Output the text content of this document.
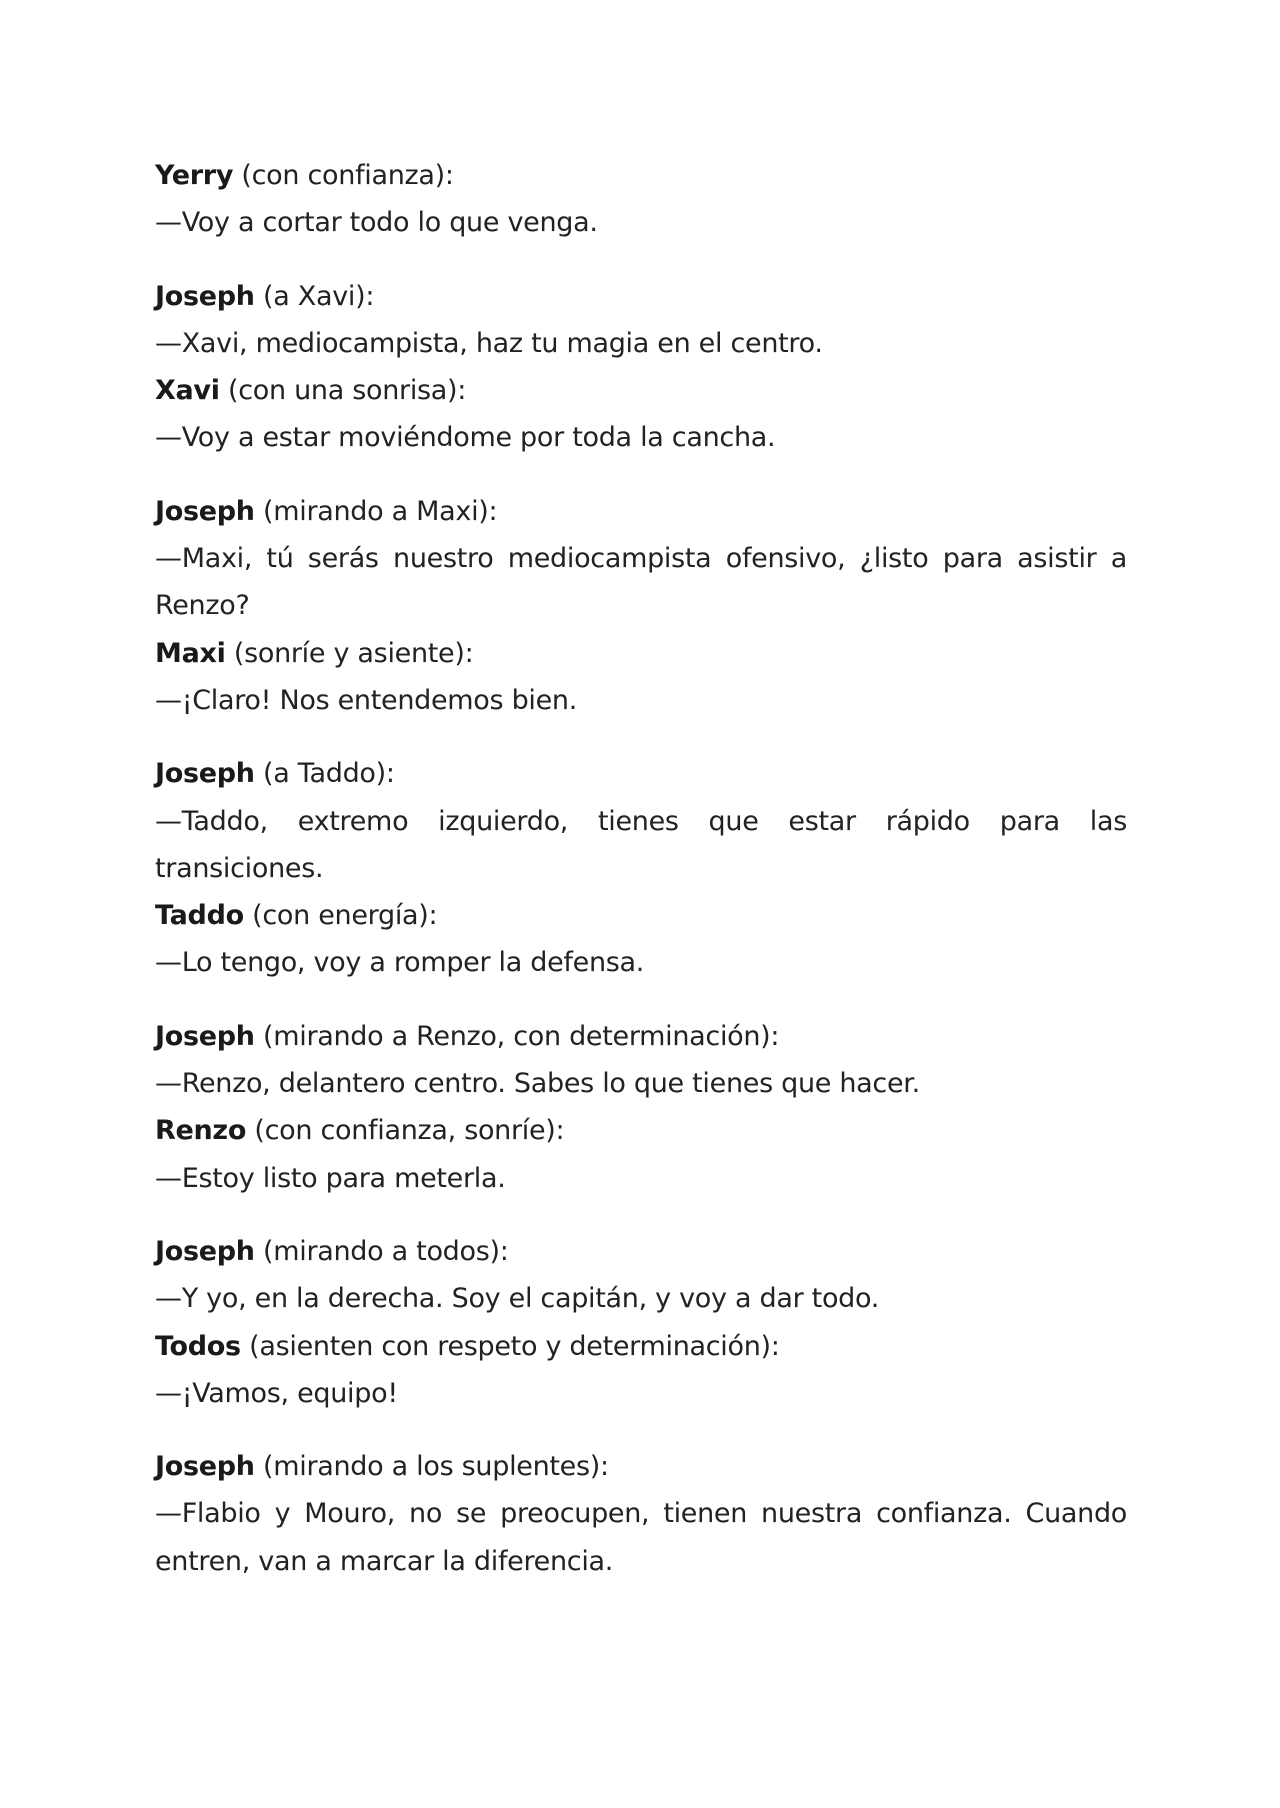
Yerry (con confianza):

—Voy a cortar todo lo que venga.

Joseph (a Xavi):

—Xavi, mediocampista, haz tu magia en el centro.

Xavi (con una sonrisa):

—Voy a estar moviéndome por toda la cancha.

Joseph (mirando a Maxi):

—Maxi, tú serás nuestro mediocampista ofensivo, ¿listo para asistir a Renzo?

Maxi (sonríe y asiente):

—¡Claro! Nos entendemos bien.

Joseph (a Taddo):

—Taddo, extremo izquierdo, tienes que estar rápido para las transiciones.

Taddo (con energía):

—Lo tengo, voy a romper la defensa.

Joseph (mirando a Renzo, con determinación):

—Renzo, delantero centro. Sabes lo que tienes que hacer.

Renzo (con confianza, sonríe):

—Estoy listo para meterla.

Joseph (mirando a todos):

—Y yo, en la derecha. Soy el capitán, y voy a dar todo.

Todos (asienten con respeto y determinación):

—¡Vamos, equipo!

Joseph (mirando a los suplentes):

—Flabio y Mouro, no se preocupen, tienen nuestra confianza. Cuando entren, van a marcar la diferencia.
